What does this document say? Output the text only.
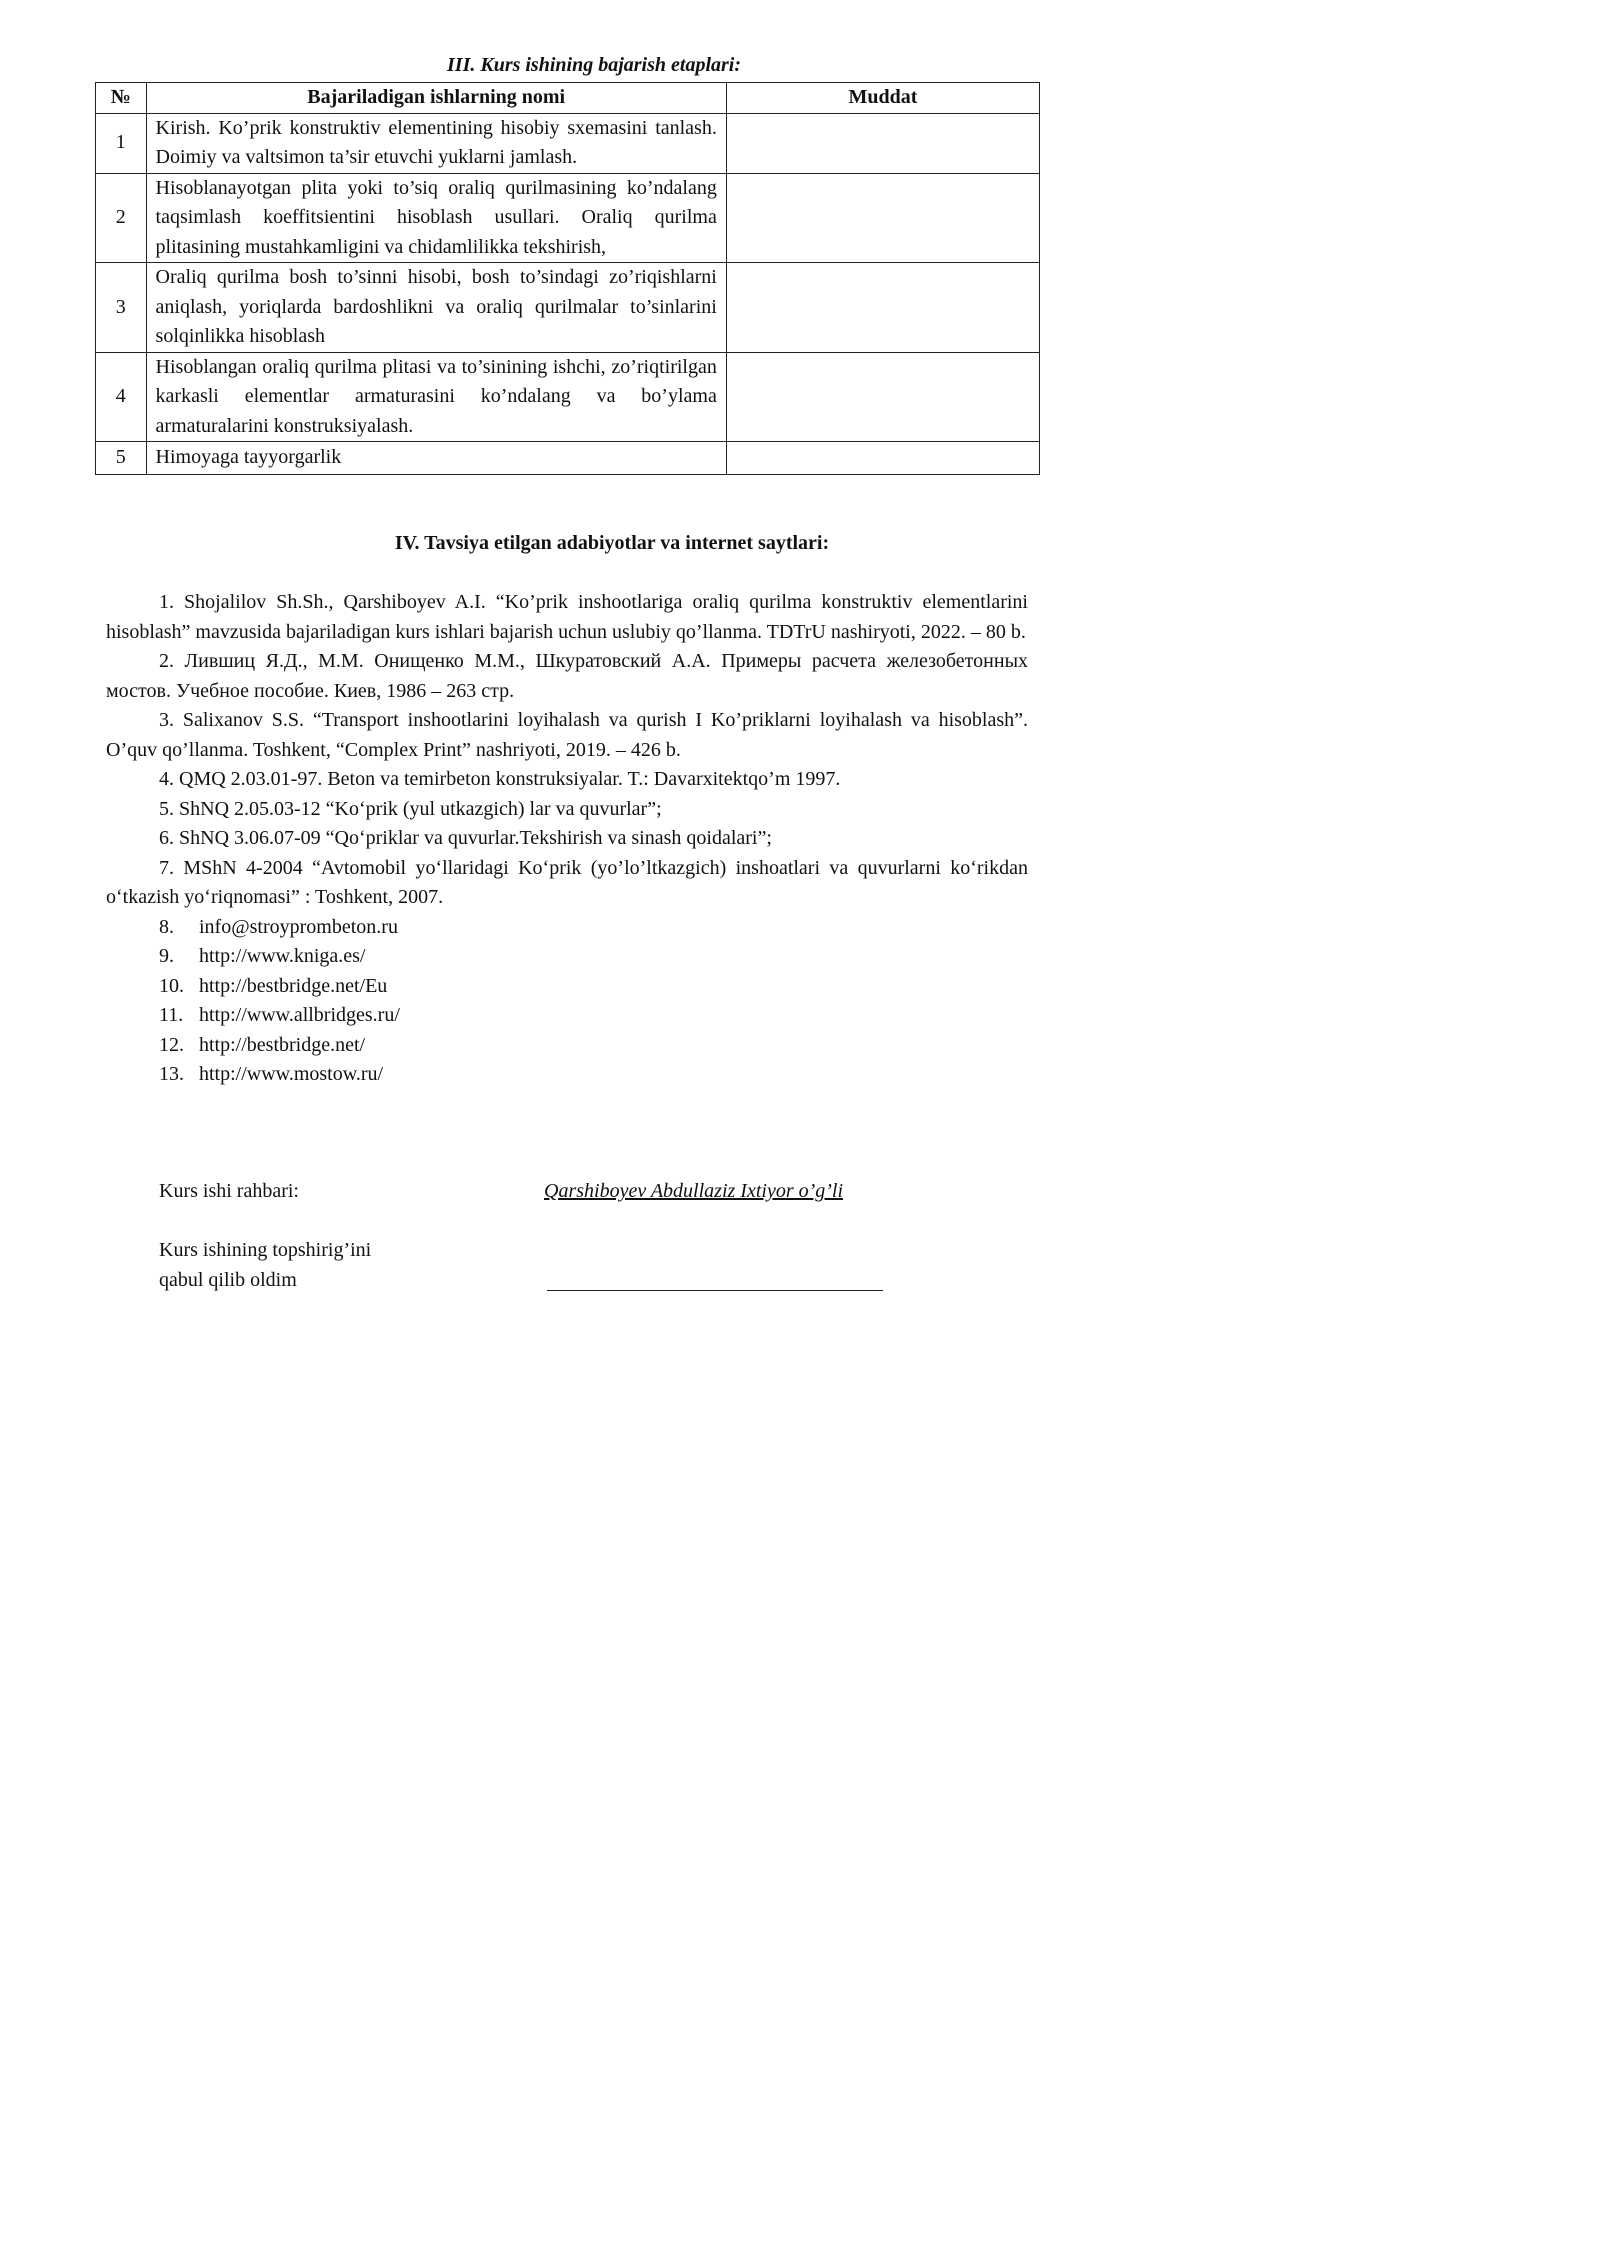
III. Kurs ishining bajarish etaplari:
№	Bajariladigan ishlarning nomi	Muddat
1	Kirish. Ko’prik konstruktiv elementining hisobiy sxemasini tanlash. Doimiy va valtsimon ta’sir etuvchi yuklarni jamlash.	
2	Hisoblanayotgan plita yoki to’siq oraliq qurilmasining ko’ndalang taqsimlash koeffitsientini hisoblash usullari. Oraliq qurilma plitasining mustahkamligini va chidamlilikka tekshirish,	
3	Oraliq qurilma bosh to’sinni hisobi, bosh to’sindagi zo’riqishlarni aniqlash, yoriqlarda bardoshlikni va oraliq qurilmalar to’sinlarini solqinlikka hisoblash	
4	Hisoblangan oraliq qurilma plitasi va to’sinining ishchi, zo’riqtirilgan karkasli elementlar armaturasini ko’ndalang va bo’ylama armaturalarini konstruksiyalash.	
5	Himoyaga tayyorgarlik	
IV. Tavsiya etilgan adabiyotlar va internet saytlari:

1. Shojalilov Sh.Sh., Qarshiboyev A.I. “Ko’prik inshootlariga oraliq qurilma konstruktiv elementlarini hisoblash” mavzusida bajariladigan kurs ishlari bajarish uchun uslubiy qo’llanma. TDTrU nashiryoti, 2022. – 80 b.

2. Лившиц Я.Д., М.М. Онищенко М.М., Шкуратовский А.А. Примеры расчета железобетонных мостов. Учебное пособие. Киев, 1986 – 263 стр.

3. Salixanov S.S. “Transport inshootlarini loyihalash va qurish I Ko’priklarni loyihalash va hisoblash”. O’quv qo’llanma. Toshkent, “Complex Print” nashriyoti, 2019. – 426 b.

4. QMQ 2.03.01-97. Beton va temirbeton konstruksiyalar. T.: Davarxitektqo’m 1997.

5. ShNQ 2.05.03-12 “Ko‘prik (yul utkazgich) lar va quvurlar”;

6. ShNQ 3.06.07-09 “Qo‘priklar va quvurlar.Tekshirish va sinash qoidalari”;

7. MShN 4-2004 “Avtomobil yo‘llaridagi Ko‘prik (yo’lo’ltkazgich) inshoatlari va quvurlarni ko‘rikdan o‘tkazish yo‘riqnomasi” : Toshkent, 2007.

8. info@stroyprombeton.ru

9. http://www.kniga.es/

10. http://bestbridge.net/Eu

11. http://www.allbridges.ru/

12. http://bestbridge.net/

13. http://www.mostow.ru/

Kurs ishi rahbari:	Qarshiboyev Abdullaziz Ixtiyor o’g’li
Kurs ishining topshirig’ini
qabul qilib oldim
